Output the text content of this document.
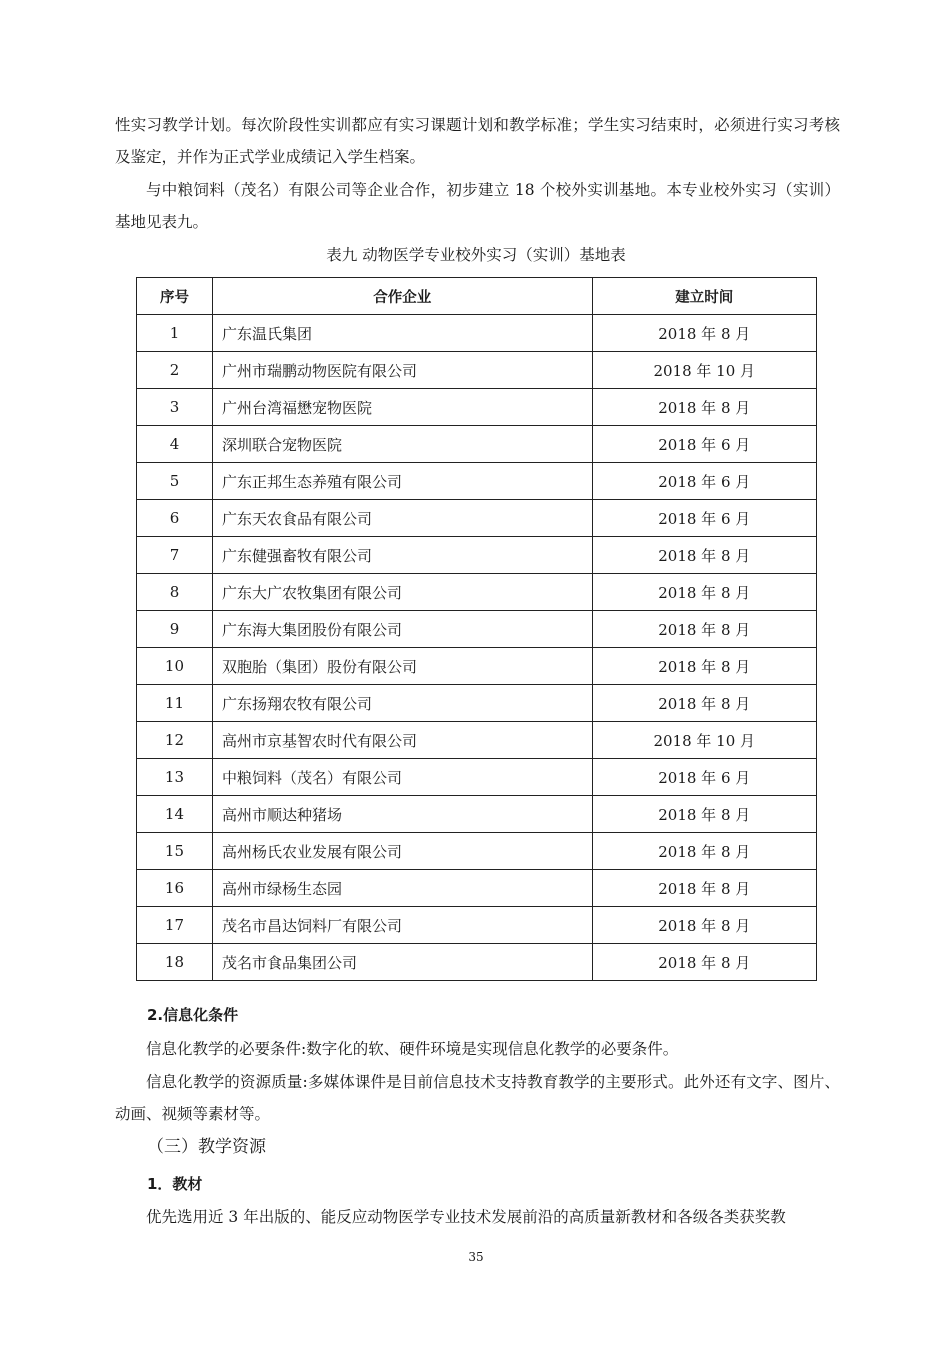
性实习教学计划。每次阶段性实训都应有实习课题计划和教学标准；学生实习结束时，必须进行实习考核及鉴定，并作为正式学业成绩记入学生档案。

与中粮饲料（茂名）有限公司等企业合作，初步建立 18 个校外实训基地。本专业校外实习（实训）基地见表九。

表九 动物医学专业校外实习（实训）基地表
序号	合作企业	建立时间
1	广东温氏集团	2018 年 8 月
2	广州市瑞鹏动物医院有限公司	2018 年 10 月
3	广州台湾福懋宠物医院	2018 年 8 月
4	深圳联合宠物医院	2018 年 6 月
5	广东正邦生态养殖有限公司	2018 年 6 月
6	广东天农食品有限公司	2018 年 6 月
7	广东健强畜牧有限公司	2018 年 8 月
8	广东大广农牧集团有限公司	2018 年 8 月
9	广东海大集团股份有限公司	2018 年 8 月
10	双胞胎（集团）股份有限公司	2018 年 8 月
11	广东扬翔农牧有限公司	2018 年 8 月
12	高州市京基智农时代有限公司	2018 年 10 月
13	中粮饲料（茂名）有限公司	2018 年 6 月
14	高州市顺达种猪场	2018 年 8 月
15	高州杨氏农业发展有限公司	2018 年 8 月
16	高州市绿杨生态园	2018 年 8 月
17	茂名市昌达饲料厂有限公司	2018 年 8 月
18	茂名市食品集团公司	2018 年 8 月

2.信息化条件

信息化教学的必要条件:数字化的软、硬件环境是实现信息化教学的必要条件。

信息化教学的资源质量:多媒体课件是目前信息技术支持教育教学的主要形式。此外还有文字、图片、动画、视频等素材等。

（三）教学资源

1．教材

优先选用近 3 年出版的、能反应动物医学专业技术发展前沿的高质量新教材和各级各类获奖教

35
